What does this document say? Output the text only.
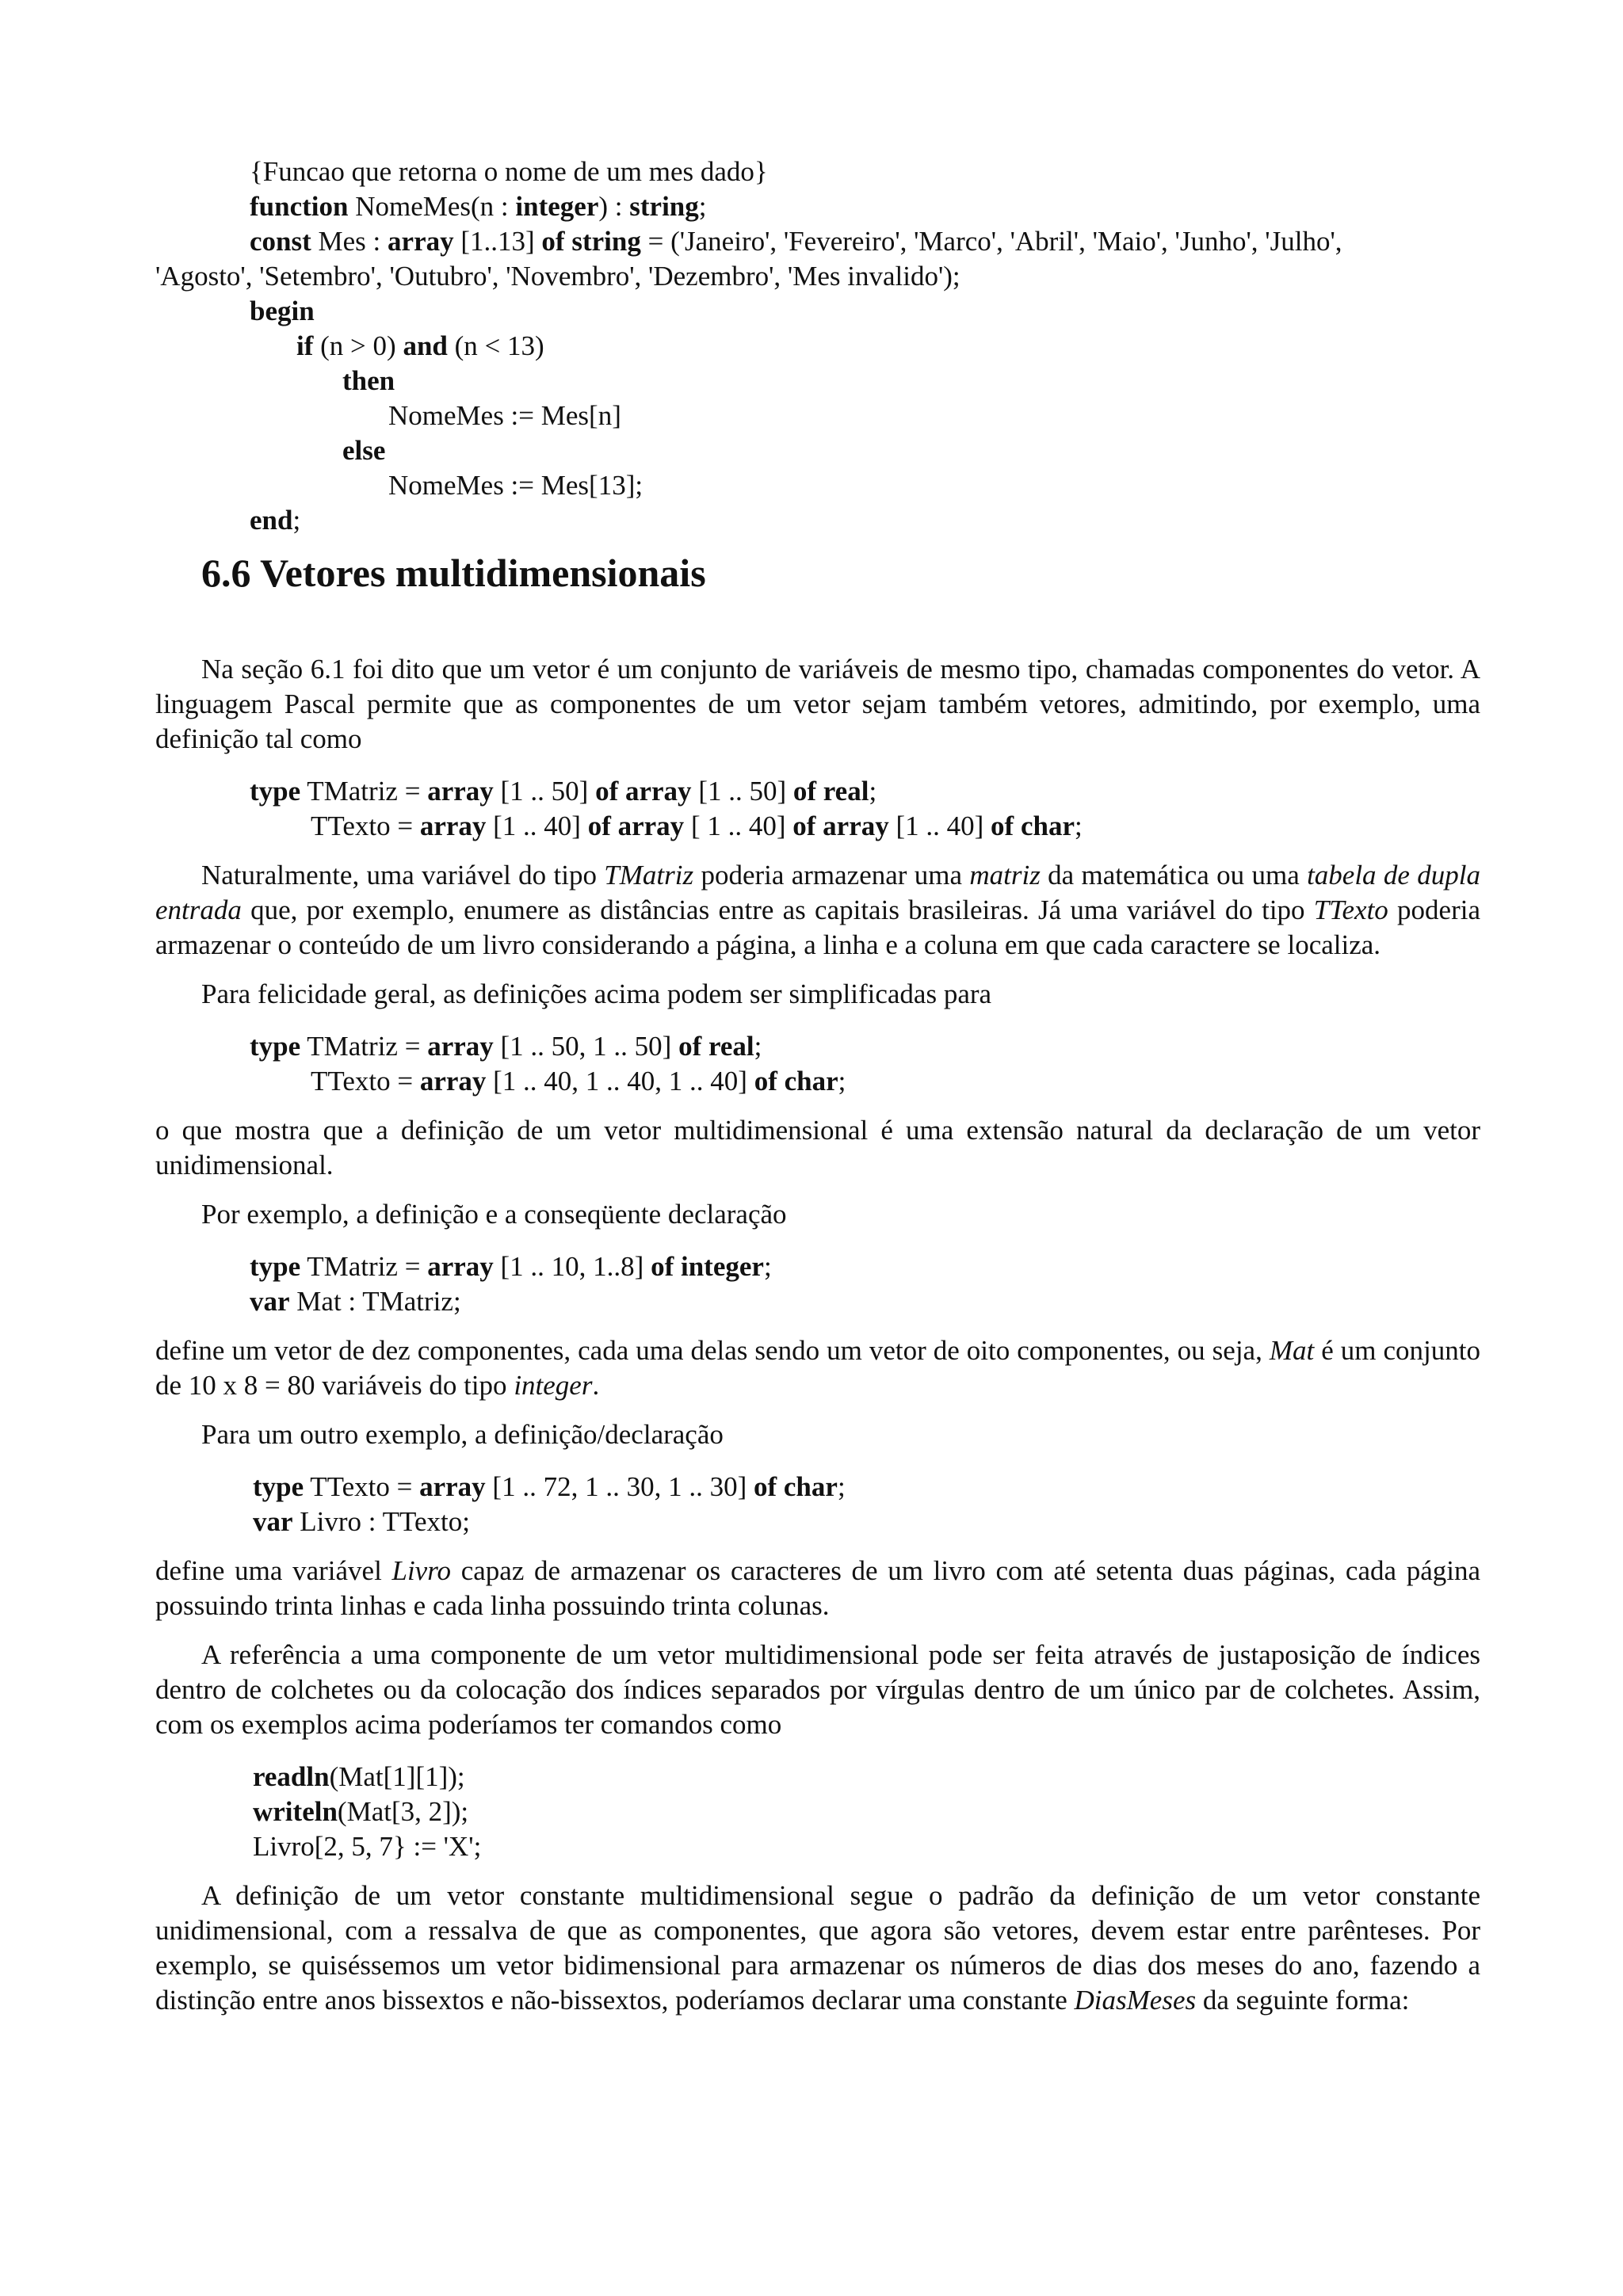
{Funcao que retorna o nome de um mes dado}
function NomeMes(n : integer) : string;
const Mes : array [1..13] of string = ('Janeiro', 'Fevereiro', 'Marco', 'Abril', 'Maio', 'Junho', 'Julho',
'Agosto', 'Setembro', 'Outubro', 'Novembro', 'Dezembro', 'Mes invalido');
begin
if (n > 0) and (n < 13)
then
NomeMes := Mes[n]
else
NomeMes := Mes[13];
end;
6.6 Vetores multidimensionais

Na seção 6.1 foi dito que um vetor é um conjunto de variáveis de mesmo tipo, chamadas componentes do vetor. A linguagem Pascal permite que as componentes de um vetor sejam também vetores, admitindo, por exemplo, uma definição tal como

type TMatriz = array [1 .. 50] of array [1 .. 50] of real;
TTexto = array [1 .. 40] of array [ 1 .. 40] of array [1 .. 40] of char;

Naturalmente, uma variável do tipo TMatriz poderia armazenar uma matriz da matemática ou uma tabela de dupla entrada que, por exemplo, enumere as distâncias entre as capitais brasileiras. Já uma variável do tipo TTexto poderia armazenar o conteúdo de um livro considerando a página, a linha e a coluna em que cada caractere se localiza.

Para felicidade geral, as definições acima podem ser simplificadas para

type TMatriz = array [1 .. 50, 1 .. 50] of real;
TTexto = array [1 .. 40, 1 .. 40, 1 .. 40] of char;

o que mostra que a definição de um vetor multidimensional é uma extensão natural da declaração de um vetor unidimensional.

Por exemplo, a definição e a conseqüente declaração

type TMatriz = array [1 .. 10, 1..8] of integer;
var Mat : TMatriz;

define um vetor de dez componentes, cada uma delas sendo um vetor de oito componentes, ou seja, Mat é um conjunto de 10 x 8 = 80 variáveis do tipo integer.

Para um outro exemplo, a definição/declaração

type TTexto = array [1 .. 72, 1 .. 30, 1 .. 30] of char;
var Livro : TTexto;

define uma variável Livro capaz de armazenar os caracteres de um livro com até setenta duas páginas, cada página possuindo trinta linhas e cada linha possuindo trinta colunas.

A referência a uma componente de um vetor multidimensional pode ser feita através de justaposição de índices dentro de colchetes ou da colocação dos índices separados por vírgulas dentro de um único par de colchetes. Assim, com os exemplos acima poderíamos ter comandos como

readln(Mat[1][1]);
writeln(Mat[3, 2]);
Livro[2, 5, 7} := 'X';

A definição de um vetor constante multidimensional segue o padrão da definição de um vetor constante unidimensional, com a ressalva de que as componentes, que agora são vetores, devem estar entre parênteses. Por exemplo, se quiséssemos um vetor bidimensional para armazenar os números de dias dos meses do ano, fazendo a distinção entre anos bissextos e não-bissextos, poderíamos declarar uma constante DiasMeses da seguinte forma:
